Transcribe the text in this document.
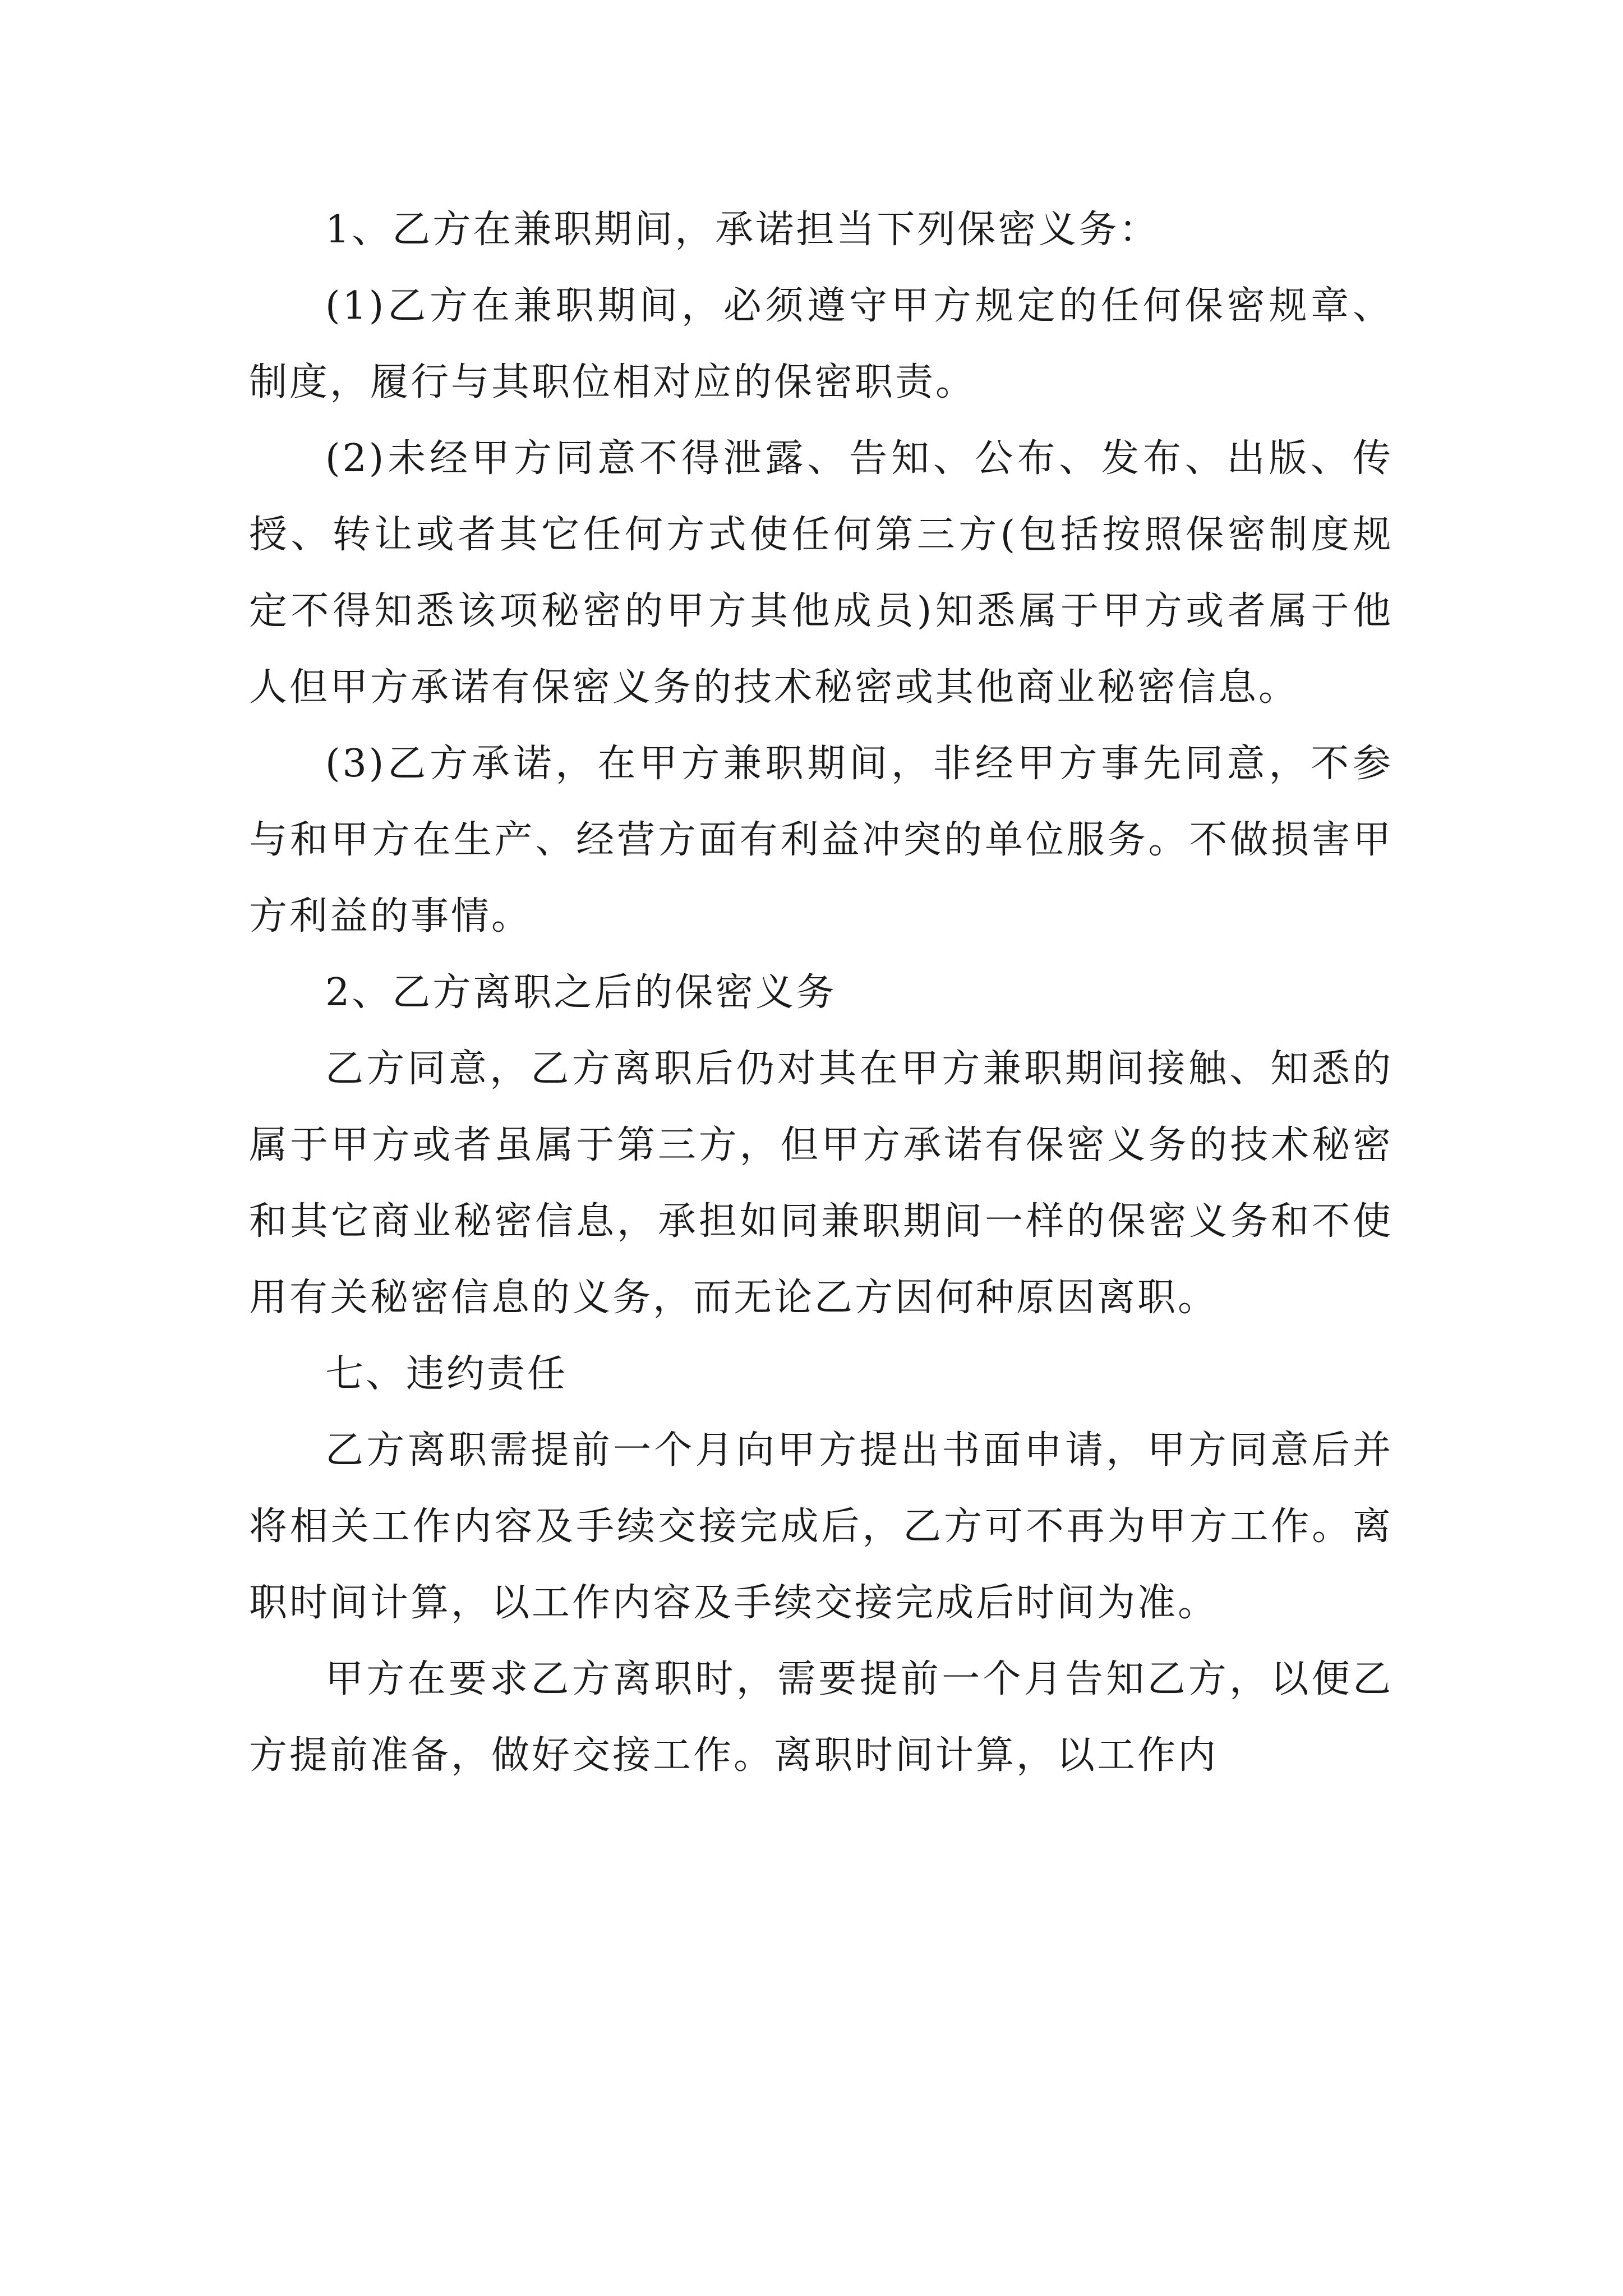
1、乙方在兼职期间，承诺担当下列保密义务：

(1)乙方在兼职期间，必须遵守甲方规定的任何保密规章、制度，履行与其职位相对应的保密职责。

(2)未经甲方同意不得泄露、告知、公布、发布、出版、传授、转让或者其它任何方式使任何第三方(包括按照保密制度规定不得知悉该项秘密的甲方其他成员)知悉属于甲方或者属于他人但甲方承诺有保密义务的技术秘密或其他商业秘密信息。

(3)乙方承诺，在甲方兼职期间，非经甲方事先同意，不参与和甲方在生产、经营方面有利益冲突的单位服务。不做损害甲方利益的事情。

2、乙方离职之后的保密义务

乙方同意，乙方离职后仍对其在甲方兼职期间接触、知悉的属于甲方或者虽属于第三方，但甲方承诺有保密义务的技术秘密和其它商业秘密信息，承担如同兼职期间一样的保密义务和不使用有关秘密信息的义务，而无论乙方因何种原因离职。

七、违约责任

乙方离职需提前一个月向甲方提出书面申请，甲方同意后并将相关工作内容及手续交接完成后，乙方可不再为甲方工作。离职时间计算，以工作内容及手续交接完成后时间为准。

甲方在要求乙方离职时，需要提前一个月告知乙方，以便乙方提前准备，做好交接工作。离职时间计算，以工作内
